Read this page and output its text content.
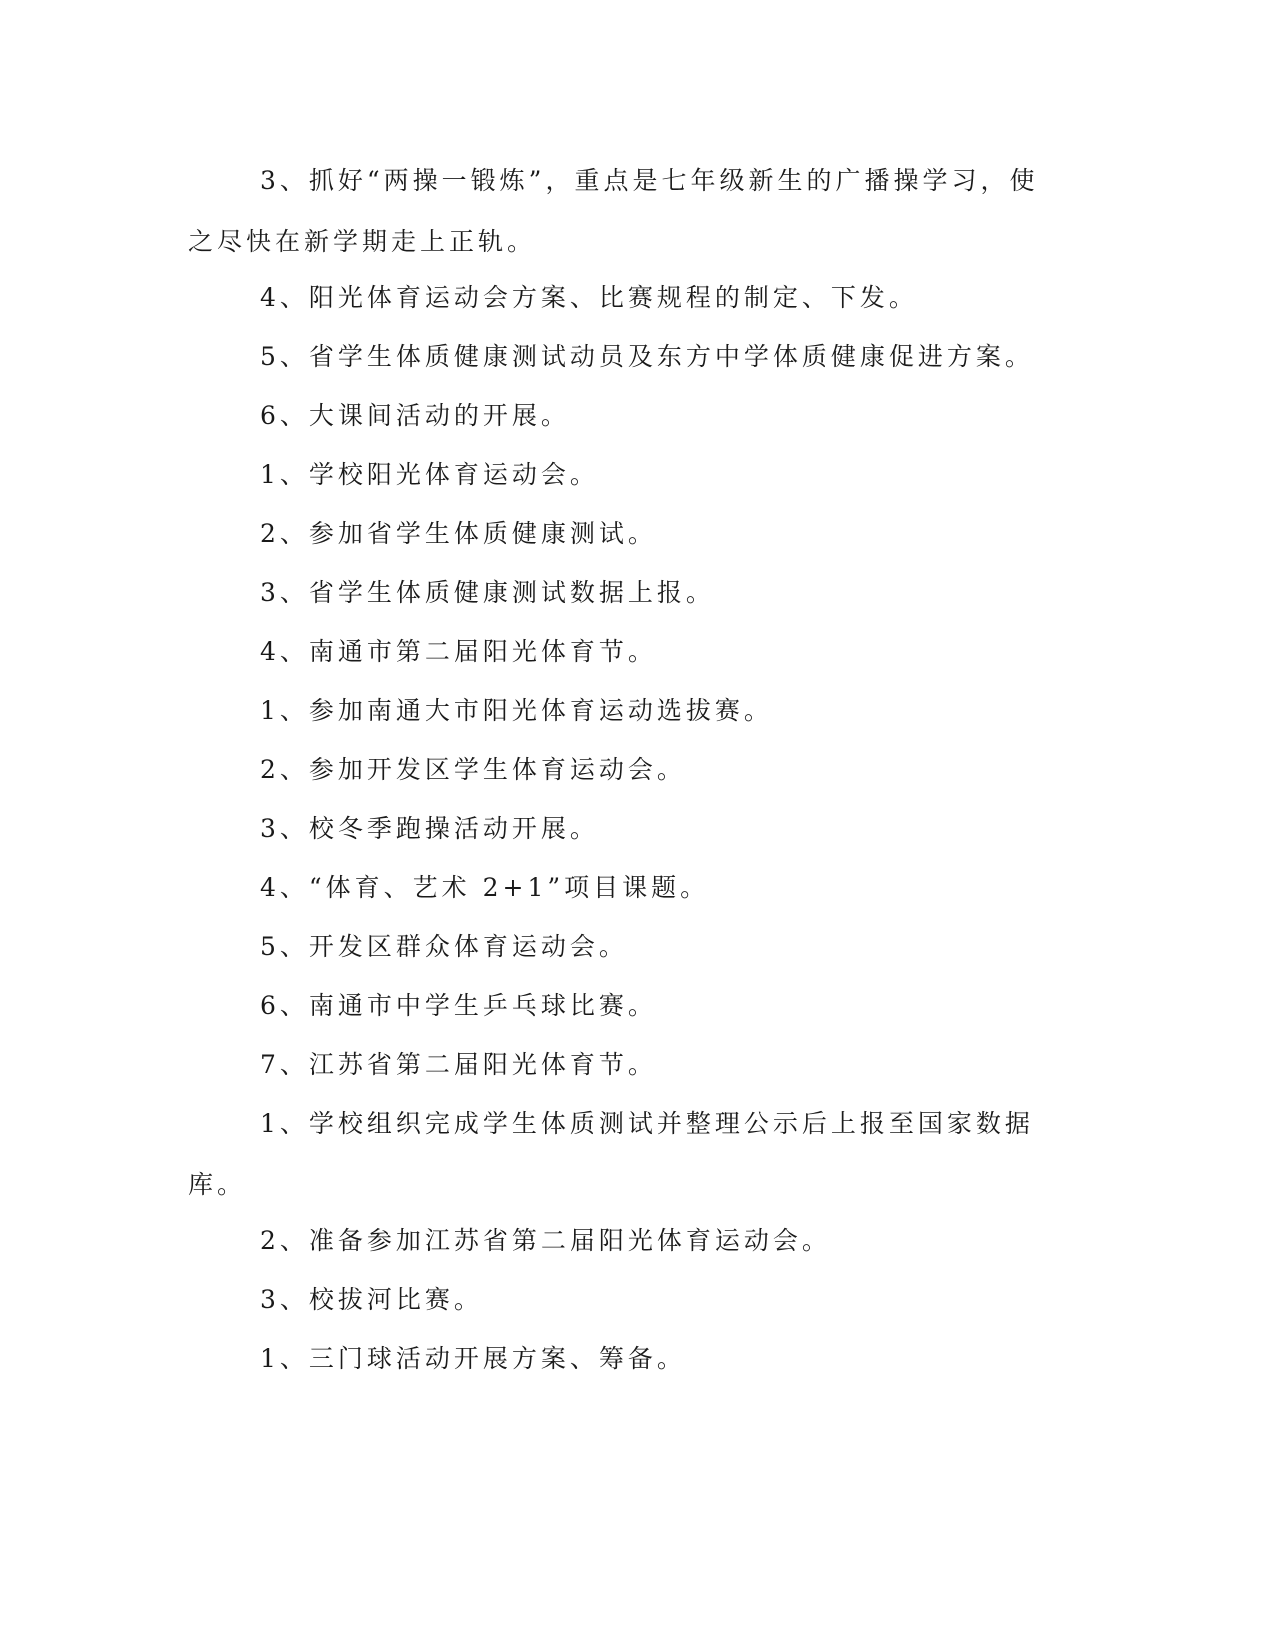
3、抓好“两操一锻炼”，重点是七年级新生的广播操学习，使之尽快在新学期走上正轨。

4、阳光体育运动会方案、比赛规程的制定、下发。

5、省学生体质健康测试动员及东方中学体质健康促进方案。

6、大课间活动的开展。

1、学校阳光体育运动会。

2、参加省学生体质健康测试。

3、省学生体质健康测试数据上报。

4、南通市第二届阳光体育节。

1、参加南通大市阳光体育运动选拔赛。

2、参加开发区学生体育运动会。

3、校冬季跑操活动开展。

4、“体育、艺术 2+1”项目课题。

5、开发区群众体育运动会。

6、南通市中学生乒乓球比赛。

7、江苏省第二届阳光体育节。

1、学校组织完成学生体质测试并整理公示后上报至国家数据库。

2、准备参加江苏省第二届阳光体育运动会。

3、校拔河比赛。

1、三门球活动开展方案、筹备。
